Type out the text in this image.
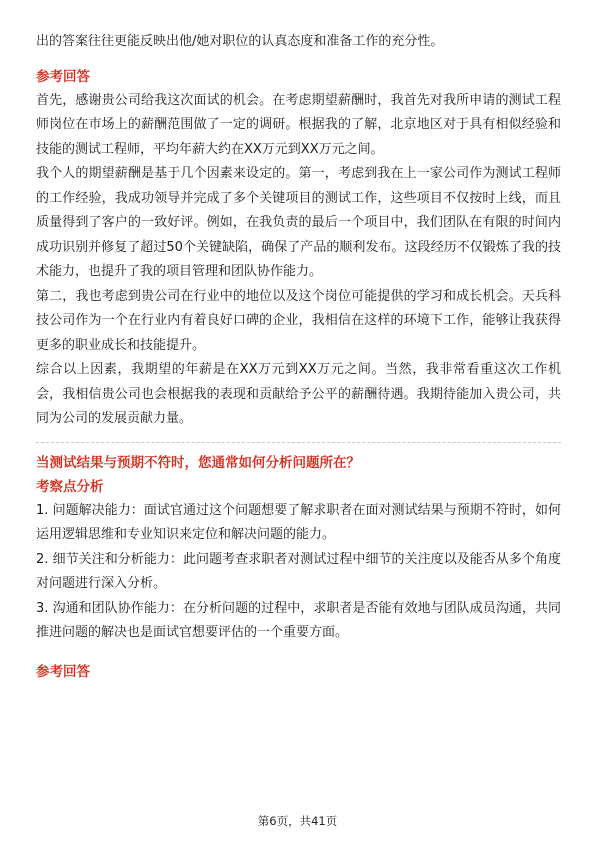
出的答案往往更能反映出他/她对职位的认真态度和准备工作的充分性。

参考回答

首先，感谢贵公司给我这次面试的机会。在考虑期望薪酬时，我首先对我所申请的测试工程师岗位在市场上的薪酬范围做了一定的调研。根据我的了解，北京地区对于具有相似经验和技能的测试工程师，平均年薪大约在XX万元到XX万元之间。

我个人的期望薪酬是基于几个因素来设定的。第一，考虑到我在上一家公司作为测试工程师的工作经验，我成功领导并完成了多个关键项目的测试工作，这些项目不仅按时上线，而且质量得到了客户的一致好评。例如，在我负责的最后一个项目中，我们团队在有限的时间内成功识别并修复了超过50个关键缺陷，确保了产品的顺利发布。这段经历不仅锻炼了我的技术能力，也提升了我的项目管理和团队协作能力。

第二，我也考虑到贵公司在行业中的地位以及这个岗位可能提供的学习和成长机会。天兵科技公司作为一个在行业内有着良好口碑的企业，我相信在这样的环境下工作，能够让我获得更多的职业成长和技能提升。

综合以上因素，我期望的年薪是在XX万元到XX万元之间。当然，我非常看重这次工作机会，我相信贵公司也会根据我的表现和贡献给予公平的薪酬待遇。我期待能加入贵公司，共同为公司的发展贡献力量。

当测试结果与预期不符时，您通常如何分析问题所在？

考察点分析

1. 问题解决能力：面试官通过这个问题想要了解求职者在面对测试结果与预期不符时，如何运用逻辑思维和专业知识来定位和解决问题的能力。

2. 细节关注和分析能力：此问题考查求职者对测试过程中细节的关注度以及能否从多个角度对问题进行深入分析。

3. 沟通和团队协作能力：在分析问题的过程中，求职者是否能有效地与团队成员沟通，共同推进问题的解决也是面试官想要评估的一个重要方面。

参考回答

第6页，共41页
